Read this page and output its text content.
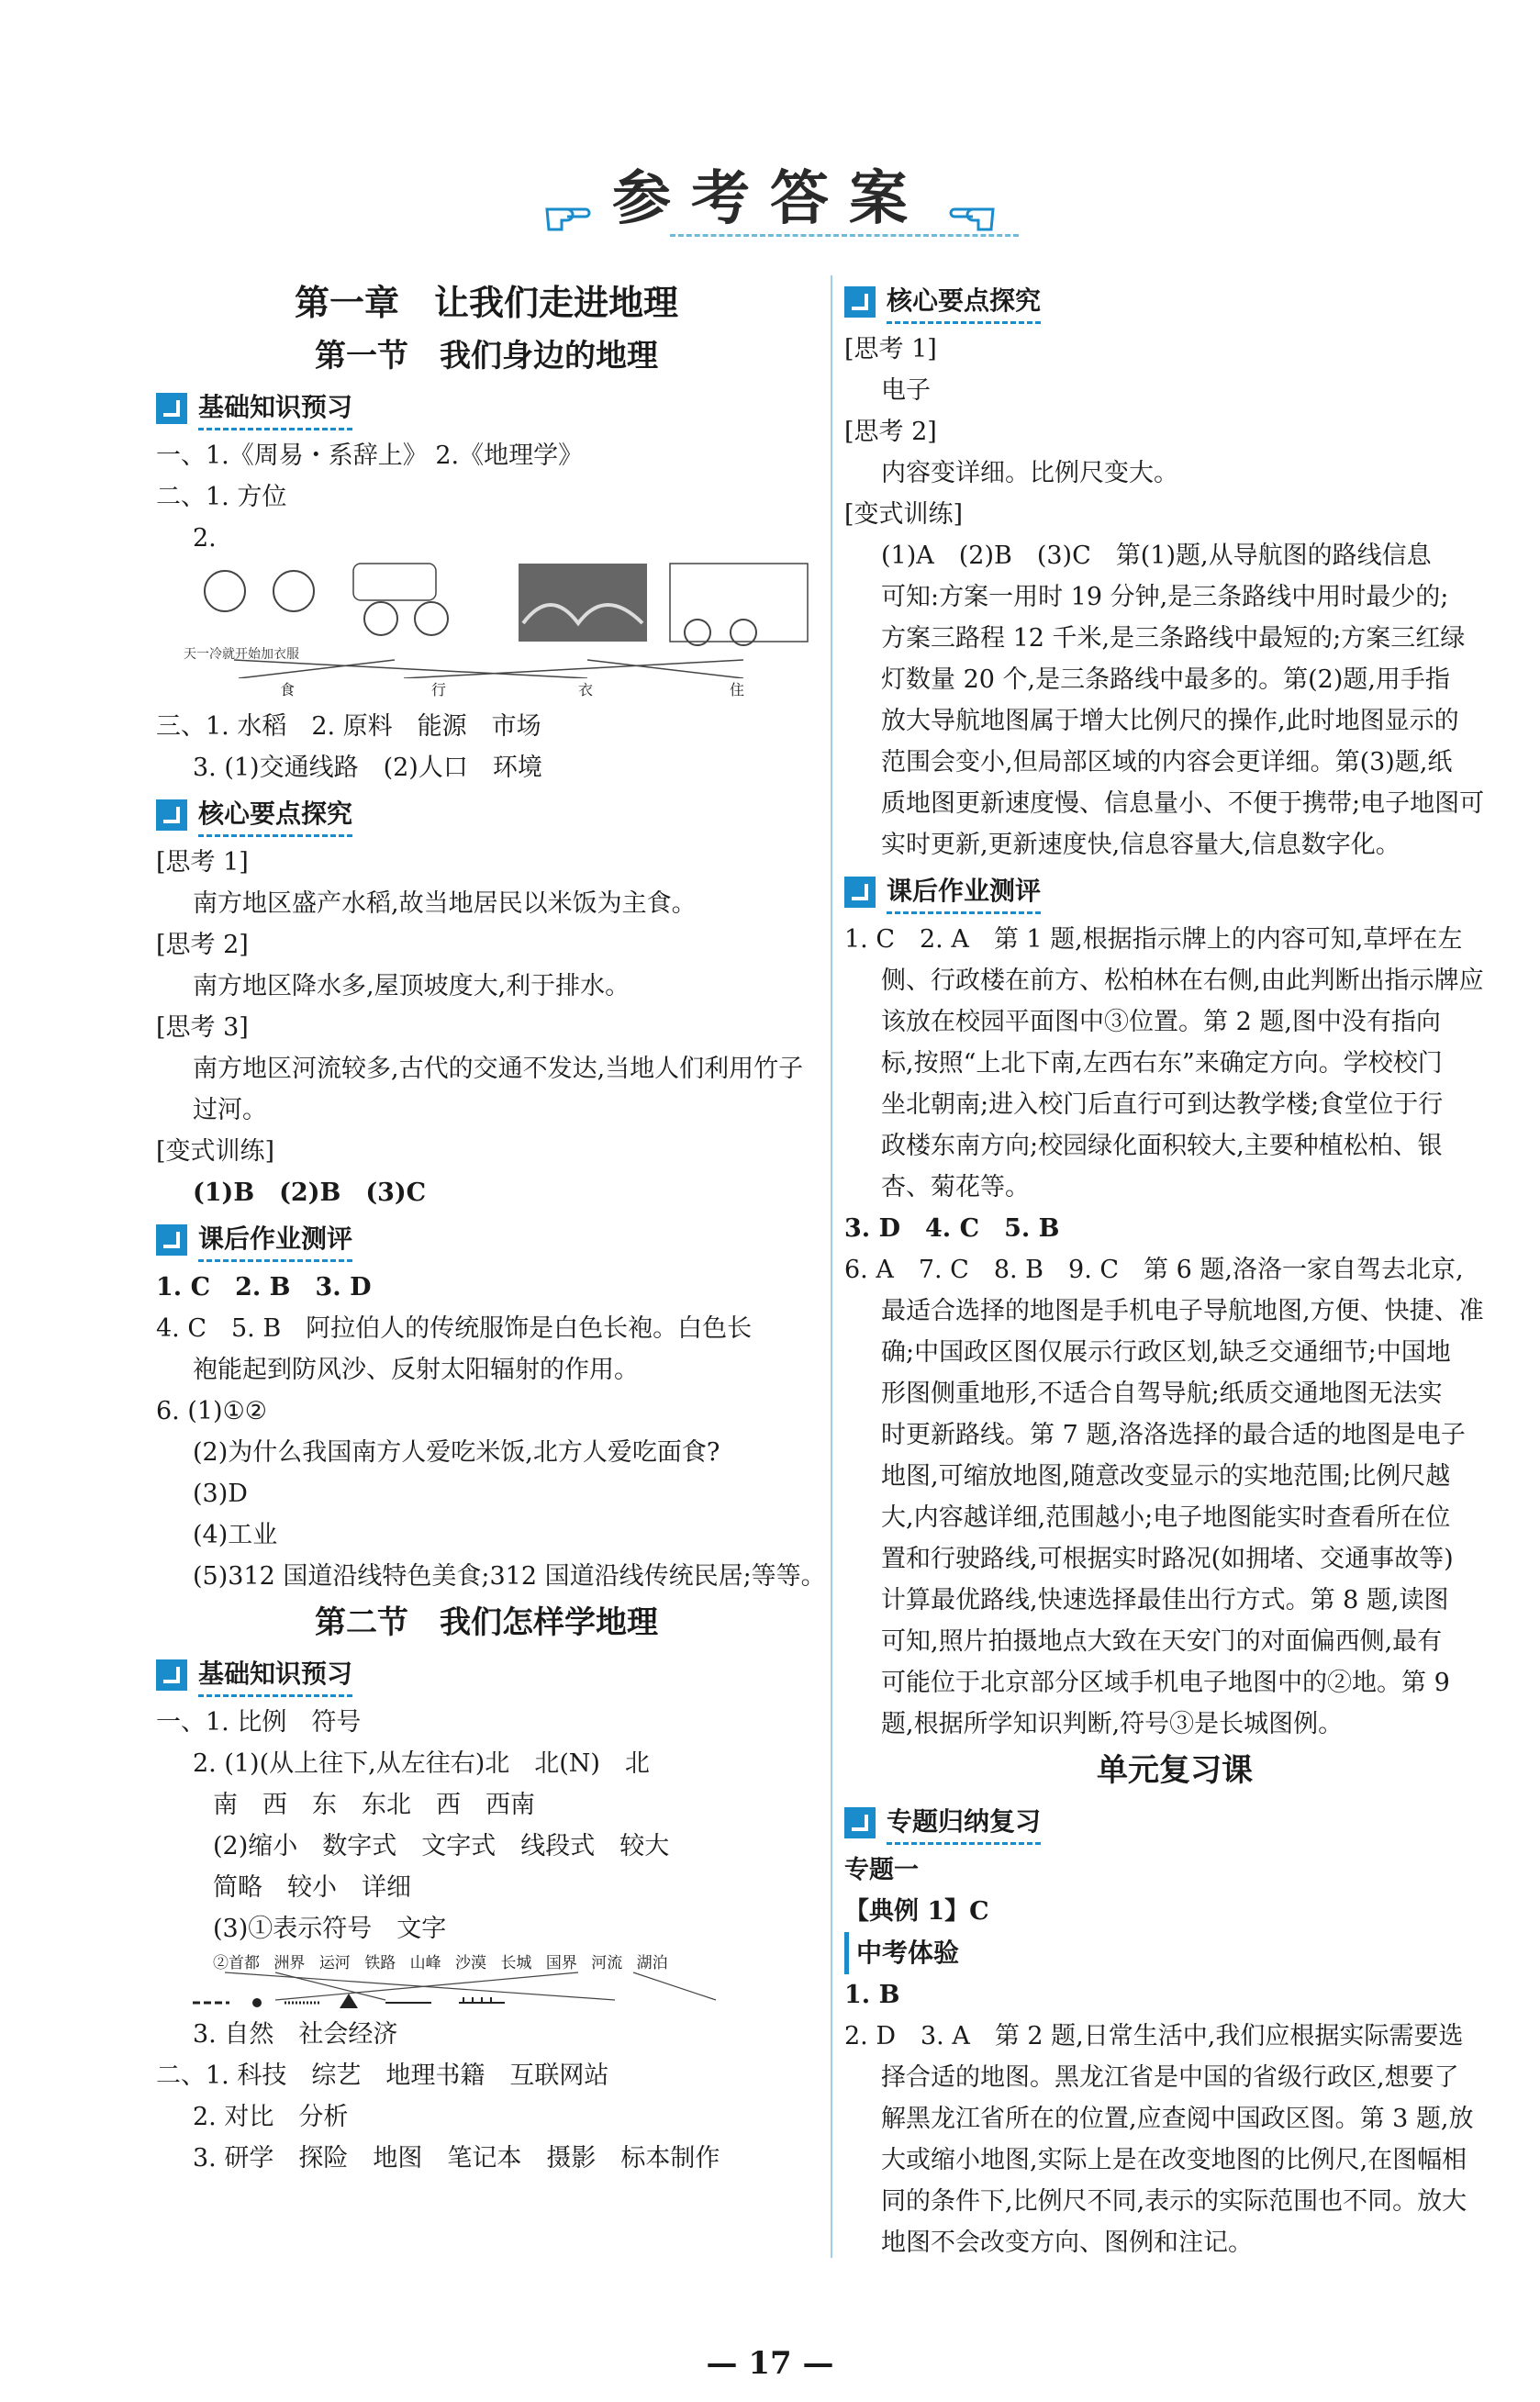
参考答案
第一章　让我们走进地理
第一节　我们身边的地理
基础知识预习
一、1.《周易・系辞上》 2.《地理学》
二、1. 方位
2.
天一冷就开始加衣服
食	行	衣	住
三、1. 水稻　2. 原料　能源　市场
3. (1)交通线路　(2)人口　环境
核心要点探究
[思考 1]
南方地区盛产水稻,故当地居民以米饭为主食。
[思考 2]
南方地区降水多,屋顶坡度大,利于排水。
[思考 3]
南方地区河流较多,古代的交通不发达,当地人们利用竹子
过河。
[变式训练]
(1)B　(2)B　(3)C
课后作业测评
1. C　2. B　3. D
4. C　5. B　阿拉伯人的传统服饰是白色长袍。白色长
袍能起到防风沙、反射太阳辐射的作用。
6. (1)①②
(2)为什么我国南方人爱吃米饭,北方人爱吃面食?
(3)D
(4)工业
(5)312 国道沿线特色美食;312 国道沿线传统民居;等等。
第二节　我们怎样学地理
基础知识预习
一、1. 比例　符号
2. (1)(从上往下,从左往右)北　北(N)　北
南　西　东　东北　西　西南
(2)缩小　数字式　文字式　线段式　较大
简略　较小　详细
(3)①表示符号　文字
②首都 洲界 运河 铁路 山峰 沙漠 长城 国界 河流 湖泊
3. 自然　社会经济
二、1. 科技　综艺　地理书籍　互联网站
2. 对比　分析
3. 研学　探险　地图　笔记本　摄影　标本制作
核心要点探究
[思考 1]
电子
[思考 2]
内容变详细。比例尺变大。
[变式训练]
(1)A　(2)B　(3)C　第(1)题,从导航图的路线信息
可知:方案一用时 19 分钟,是三条路线中用时最少的;
方案三路程 12 千米,是三条路线中最短的;方案三红绿
灯数量 20 个,是三条路线中最多的。第(2)题,用手指
放大导航地图属于增大比例尺的操作,此时地图显示的
范围会变小,但局部区域的内容会更详细。第(3)题,纸
质地图更新速度慢、信息量小、不便于携带;电子地图可
实时更新,更新速度快,信息容量大,信息数字化。
课后作业测评
1. C　2. A　第 1 题,根据指示牌上的内容可知,草坪在左
侧、行政楼在前方、松柏林在右侧,由此判断出指示牌应
该放在校园平面图中③位置。第 2 题,图中没有指向
标,按照“上北下南,左西右东”来确定方向。学校校门
坐北朝南;进入校门后直行可到达教学楼;食堂位于行
政楼东南方向;校园绿化面积较大,主要种植松柏、银
杏、菊花等。
3. D　4. C　5. B
6. A　7. C　8. B　9. C　第 6 题,洛洛一家自驾去北京,
最适合选择的地图是手机电子导航地图,方便、快捷、准
确;中国政区图仅展示行政区划,缺乏交通细节;中国地
形图侧重地形,不适合自驾导航;纸质交通地图无法实
时更新路线。第 7 题,洛洛选择的最合适的地图是电子
地图,可缩放地图,随意改变显示的实地范围;比例尺越
大,内容越详细,范围越小;电子地图能实时查看所在位
置和行驶路线,可根据实时路况(如拥堵、交通事故等)
计算最优路线,快速选择最佳出行方式。第 8 题,读图
可知,照片拍摄地点大致在天安门的对面偏西侧,最有
可能位于北京部分区域手机电子地图中的②地。第 9
题,根据所学知识判断,符号③是长城图例。
单元复习课
专题归纳复习
专题一
【典例 1】C
中考体验
1. B
2. D　3. A　第 2 题,日常生活中,我们应根据实际需要选
择合适的地图。黑龙江省是中国的省级行政区,想要了
解黑龙江省所在的位置,应查阅中国政区图。第 3 题,放
大或缩小地图,实际上是在改变地图的比例尺,在图幅相
同的条件下,比例尺不同,表示的实际范围也不同。放大
地图不会改变方向、图例和注记。
— 17 —
